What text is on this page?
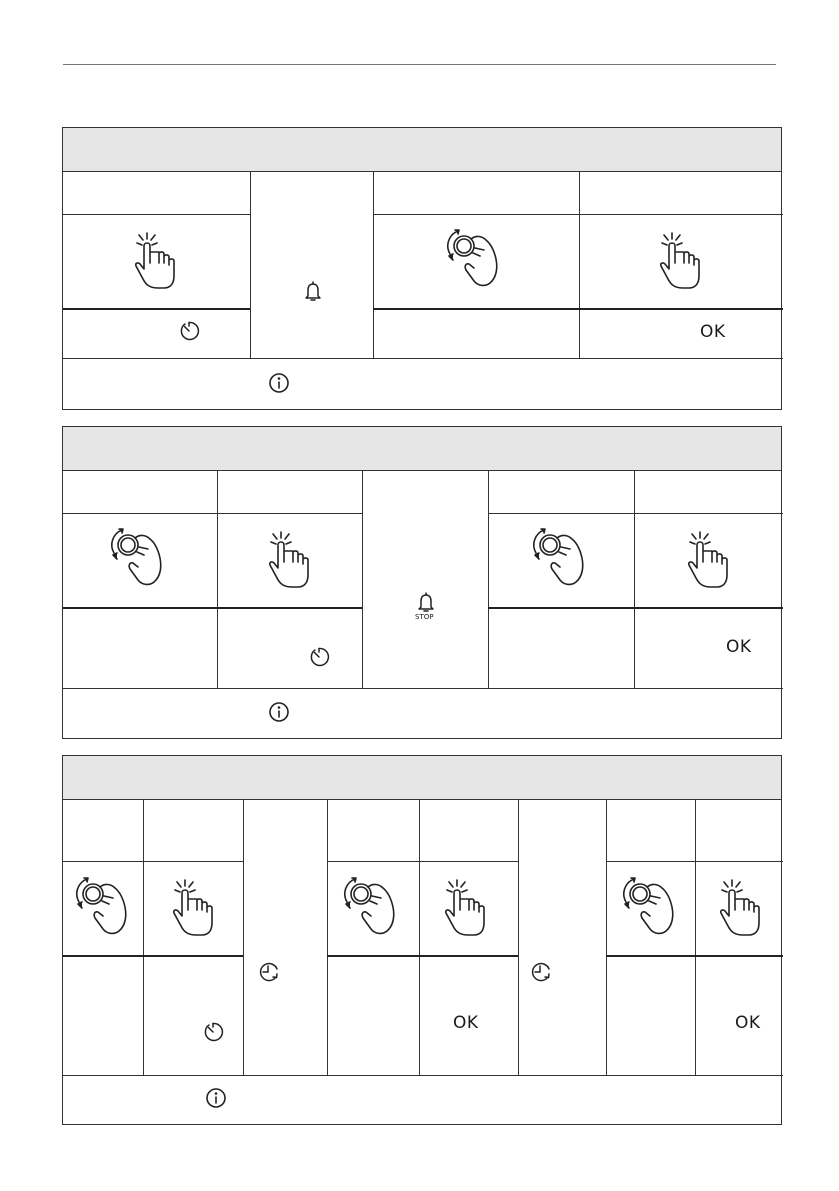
OK
STOP
OK
OK	OK
